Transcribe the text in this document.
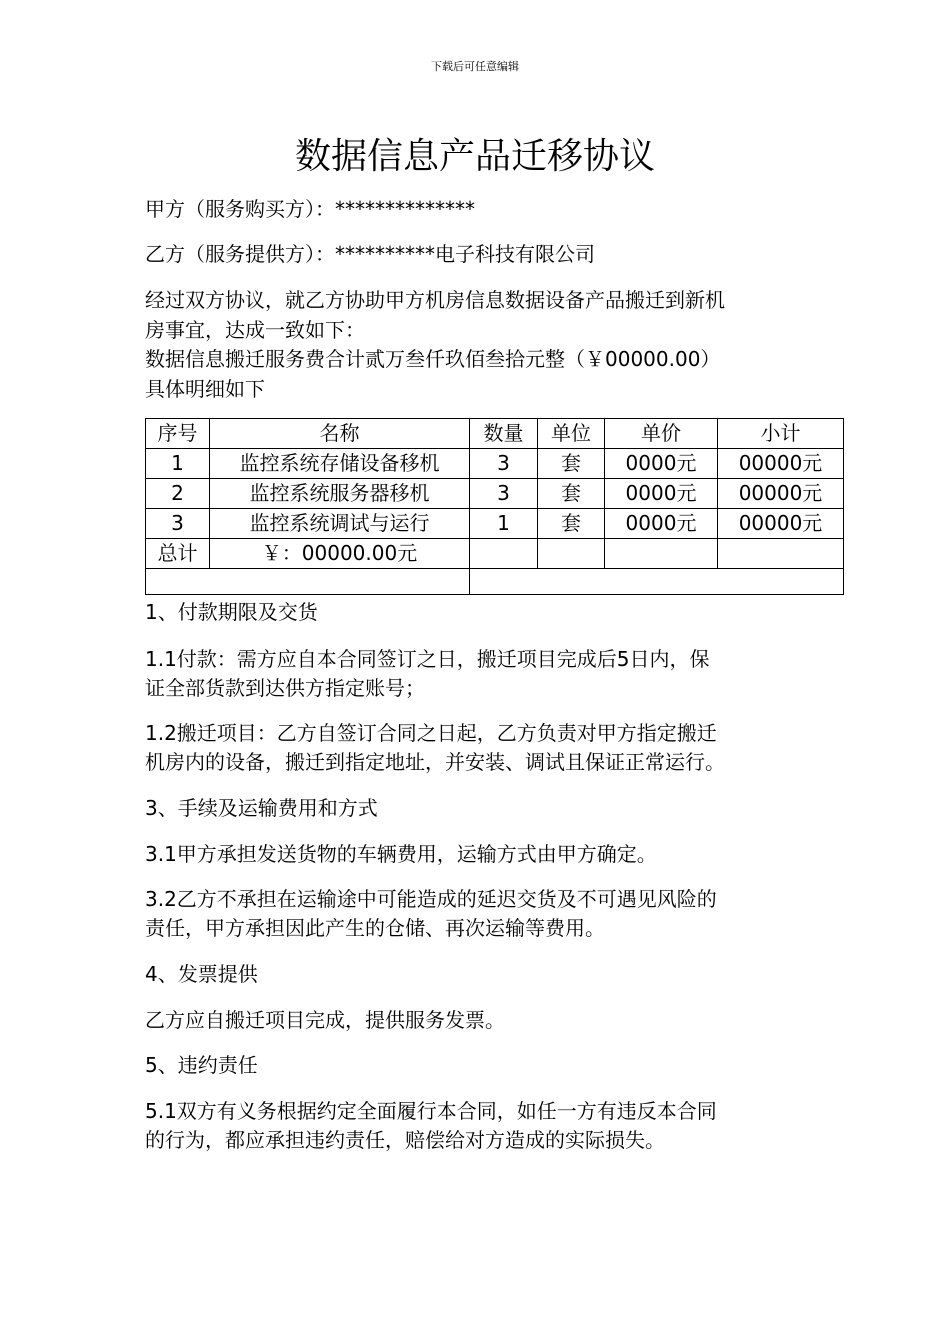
下载后可任意编辑
数据信息产品迁移协议
甲方（服务购买方）：**************
乙方（服务提供方）：**********电子科技有限公司
经过双方协议，就乙方协助甲方机房信息数据设备产品搬迁到新机
房事宜，达成一致如下：
数据信息搬迁服务费合计贰万叁仟玖佰叁拾元整（￥00000.00）
具体明细如下
序号	名称	数量	单位	单价	小计
1	监控系统存储设备移机	3	套	0000元	00000元
2	监控系统服务器移机	3	套	0000元	00000元
3	监控系统调试与运行	1	套	0000元	00000元
总计	￥：00000.00元				

1、付款期限及交货
1.1付款：需方应自本合同签订之日，搬迁项目完成后5日内，保
证全部货款到达供方指定账号；
1.2搬迁项目：乙方自签订合同之日起，乙方负责对甲方指定搬迁
机房内的设备，搬迁到指定地址，并安装、调试且保证正常运行。
3、手续及运输费用和方式
3.1甲方承担发送货物的车辆费用，运输方式由甲方确定。
3.2乙方不承担在运输途中可能造成的延迟交货及不可遇见风险的
责任，甲方承担因此产生的仓储、再次运输等费用。
4、发票提供
乙方应自搬迁项目完成，提供服务发票。
5、违约责任
5.1双方有义务根据约定全面履行本合同，如任一方有违反本合同
的行为，都应承担违约责任，赔偿给对方造成的实际损失。
